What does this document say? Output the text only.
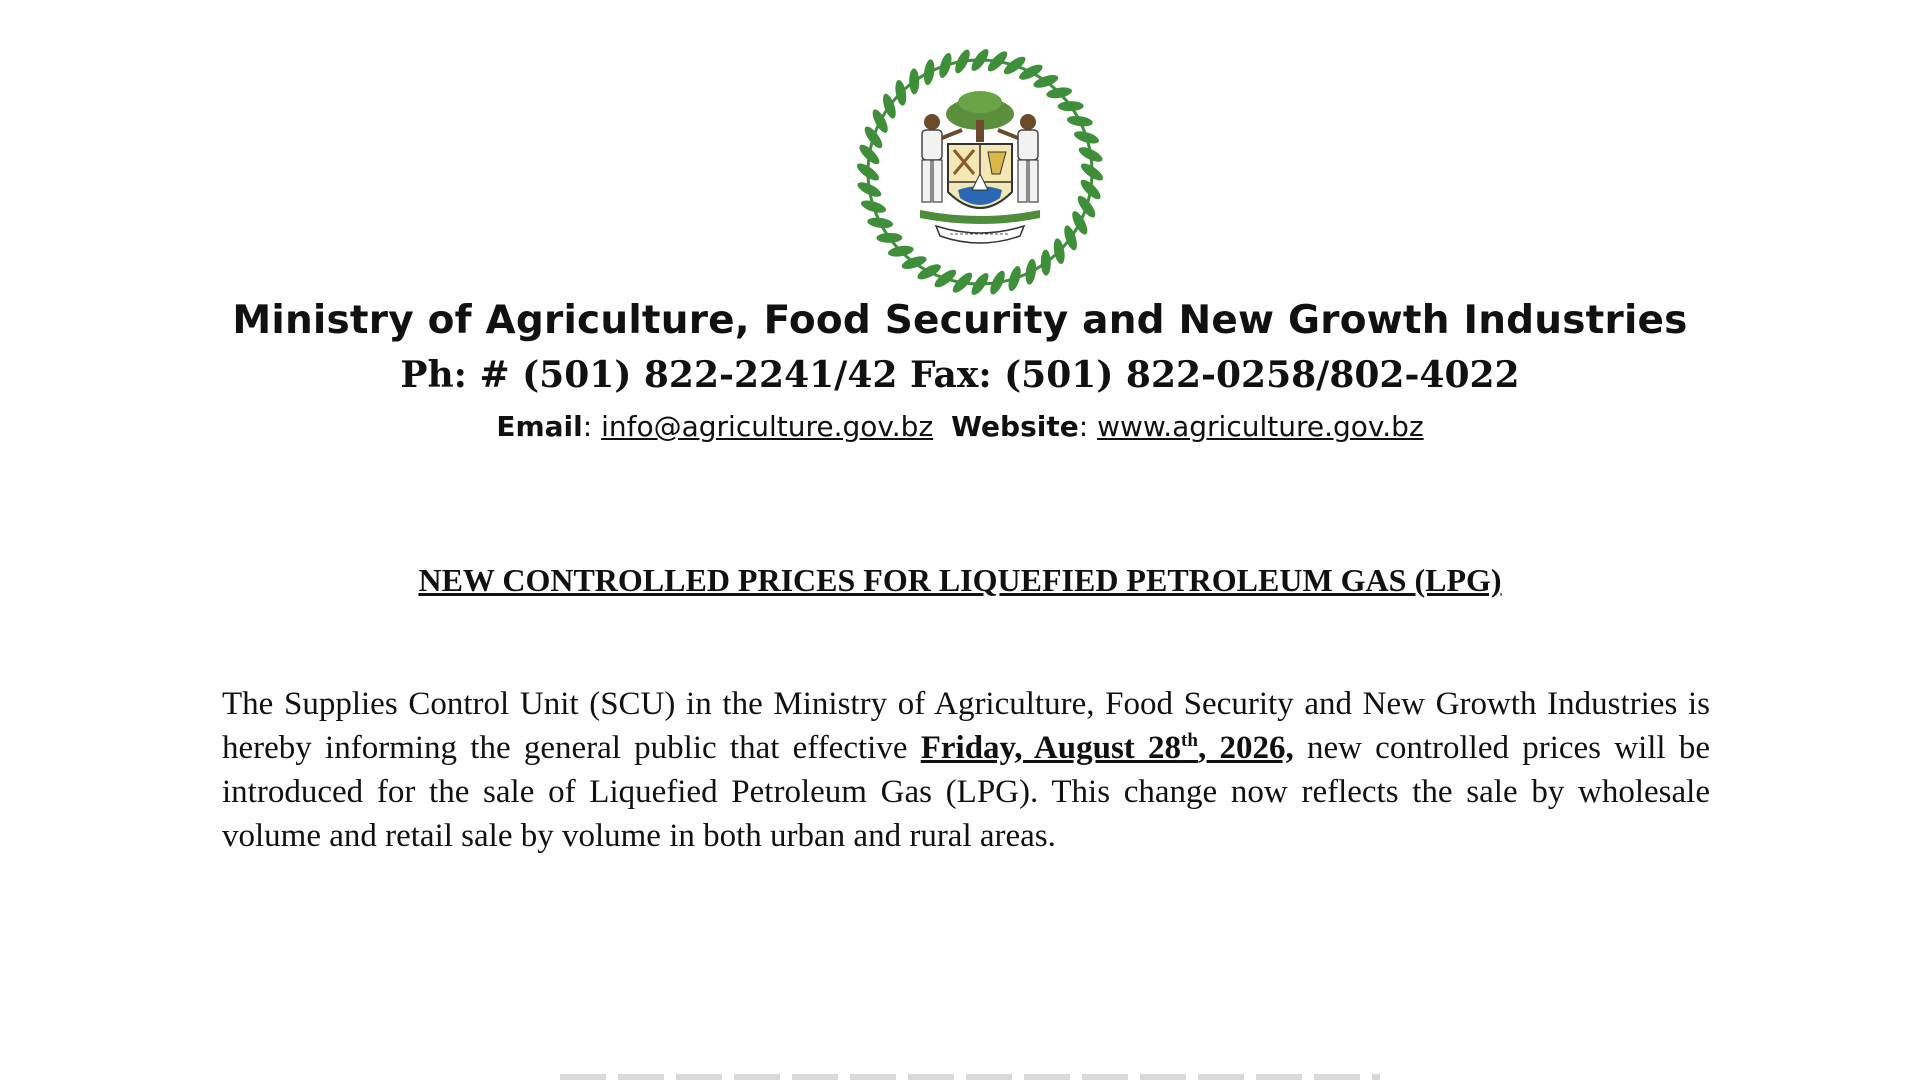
Ministry of Agriculture, Food Security and New Growth Industries
Ph: # (501) 822-2241/42 Fax: (501) 822-0258/802-4022
Email: info@agriculture.gov.bz Website: www.agriculture.gov.bz
NEW CONTROLLED PRICES FOR LIQUEFIED PETROLEUM GAS (LPG)
The Supplies Control Unit (SCU) in the Ministry of Agriculture, Food Security and New Growth Industries is hereby informing the general public that effective Friday, August 28th, 2026, new controlled prices will be introduced for the sale of Liquefied Petroleum Gas (LPG). This change now reflects the sale by wholesale volume and retail sale by volume in both urban and rural areas.
